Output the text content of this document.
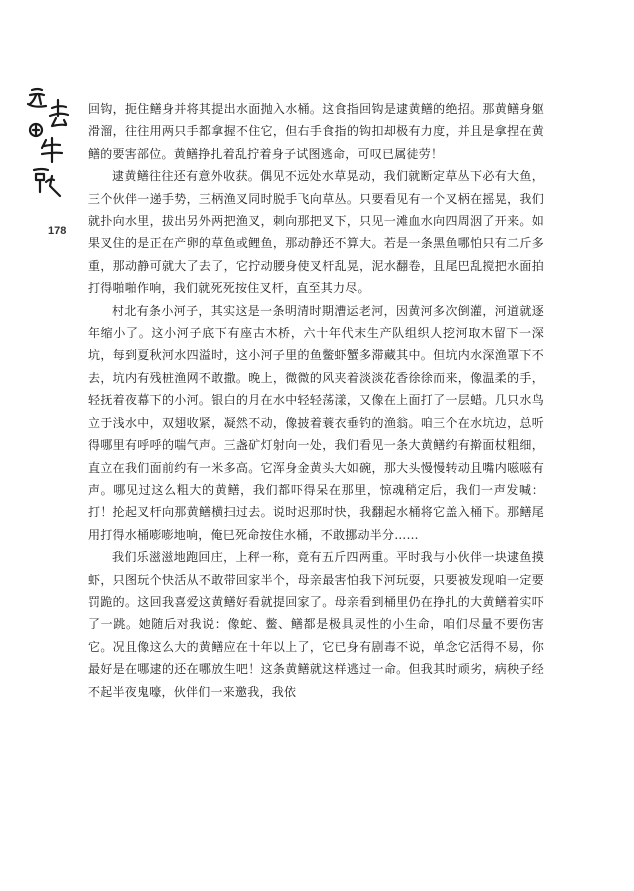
178

回钩，扼住鳝身并将其提出水面抛入水桶。这食指回钩是逮黄鳝的绝招。那黄鳝身躯滑溜，往往用两只手都拿握不住它，但右手食指的钩扣却极有力度，并且是拿捏在黄鳝的要害部位。黄鳝挣扎着乱拧着身子试图逃命，可叹已属徒劳！

逮黄鳝往往还有意外收获。偶见不远处水草晃动，我们就断定草丛下必有大鱼，三个伙伴一递手势，三柄渔叉同时脱手飞向草丛。只要看见有一个叉柄在摇晃，我们就扑向水里，拔出另外两把渔叉，刺向那把叉下，只见一滩血水向四周洇了开来。如果叉住的是正在产卵的草鱼或鲤鱼，那动静还不算大。若是一条黑鱼哪怕只有二斤多重，那动静可就大了去了，它拧动腰身使叉杆乱晃，泥水翻卷，且尾巴乱搅把水面拍打得啪啪作响，我们就死死按住叉杆，直至其力尽。

村北有条小河子，其实这是一条明清时期漕运老河，因黄河多次倒灌，河道就逐年缩小了。这小河子底下有座古木桥，六十年代末生产队组织人挖河取木留下一深坑，每到夏秋河水四溢时，这小河子里的鱼鳖虾蟹多滞藏其中。但坑内水深渔罩下不去，坑内有残桩渔网不敢撒。晚上，微微的风夹着淡淡花香徐徐而来，像温柔的手，轻抚着夜幕下的小河。银白的月在水中轻轻荡漾，又像在上面打了一层蜡。几只水鸟立于浅水中，双翅收紧，凝然不动，像披着蓑衣垂钓的渔翁。咱三个在水坑边，总听得哪里有呼呼的喘气声。三盏矿灯射向一处，我们看见一条大黄鳝约有擀面杖粗细，直立在我们面前约有一米多高。它浑身金黄头大如碗，那大头慢慢转动且嘴内嗞嗞有声。哪见过这么粗大的黄鳝，我们都吓得呆在那里，惊魂稍定后，我们一声发喊：打！抡起叉杆向那黄鳝横扫过去。说时迟那时快，我翻起水桶将它盖入桶下。那鳝尾用打得水桶嘭嘭地响，俺巳死命按住水桶，不敢挪动半分……

我们乐滋滋地跑回庄，上秤一称，竟有五斤四两重。平时我与小伙伴一块逮鱼摸虾，只图玩个快活从不敢带回家半个，母亲最害怕我下河玩耍，只要被发现咱一定要罚跪的。这回我喜爱这黄鳝好看就提回家了。母亲看到桶里仍在挣扎的大黄鳝着实吓了一跳。她随后对我说：像蛇、鳖、鳝都是极具灵性的小生命，咱们尽量不要伤害它。况且像这么大的黄鳝应在十年以上了，它已身有剧毒不说，单念它活得不易，你最好是在哪逮的还在哪放生吧！这条黄鳝就这样逃过一命。但我其时顽劣，病秧子经不起半夜鬼嚎，伙伴们一来邀我，我依
